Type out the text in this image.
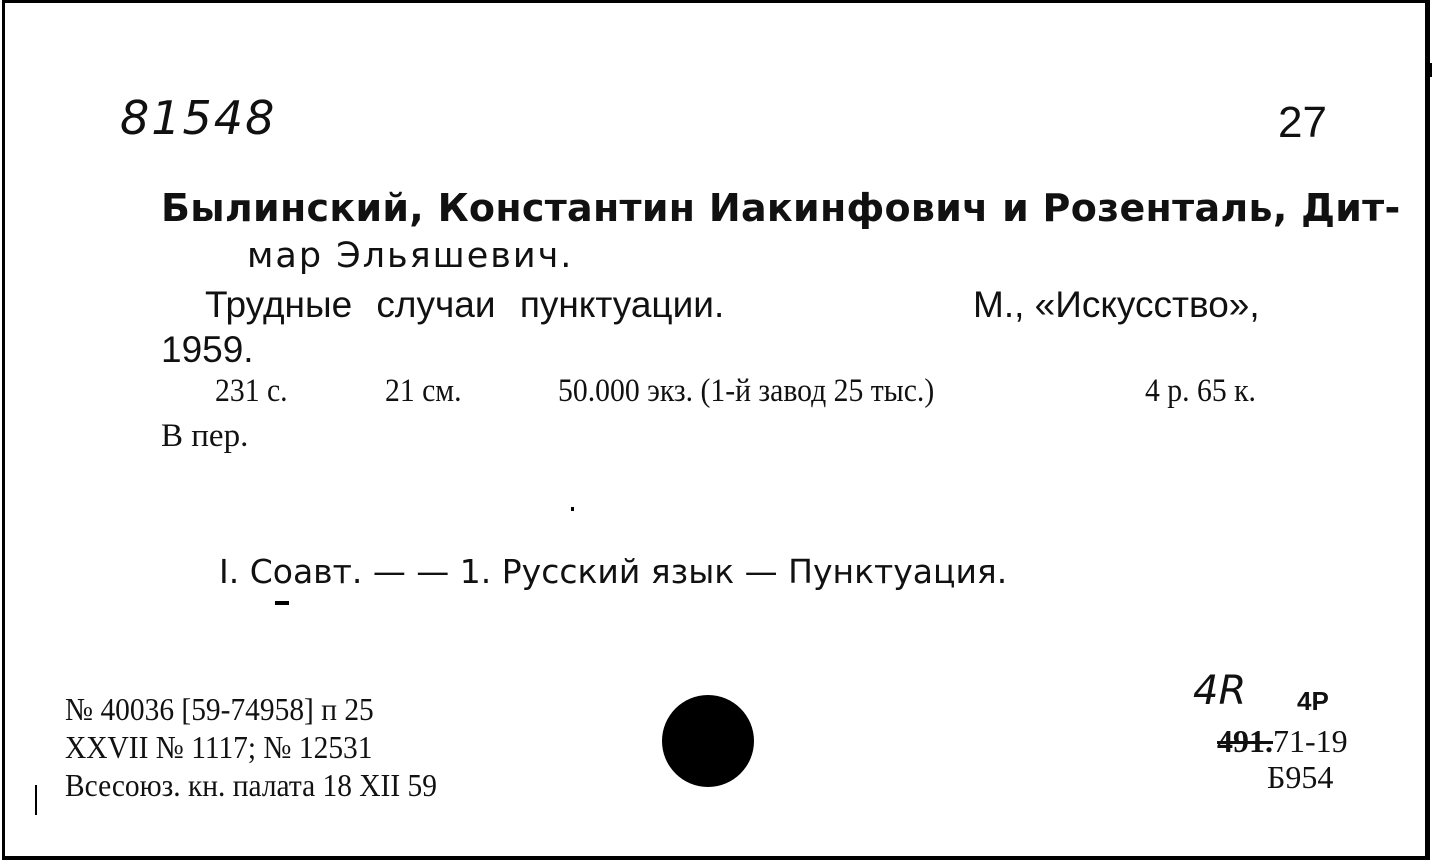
81548	27
Былинский, Константин Иакинфович и Розенталь, Дит-
мар Эльяшевич.
Трудные случаи пунктуации.	М., «Искусство»,
1959.
231 с.	21 см.	50.000 экз. (1-й завод 25 тыс.)	4 р. 65 к.
В пер.
I. Соавт. — — 1. Русский язык — Пунктуация.
№ 40036 [59-74958] п 25
XXVII № 1117; № 12531
Всесоюз. кн. палата 18 XII 59
4R 4P
491.71-19
Б954
